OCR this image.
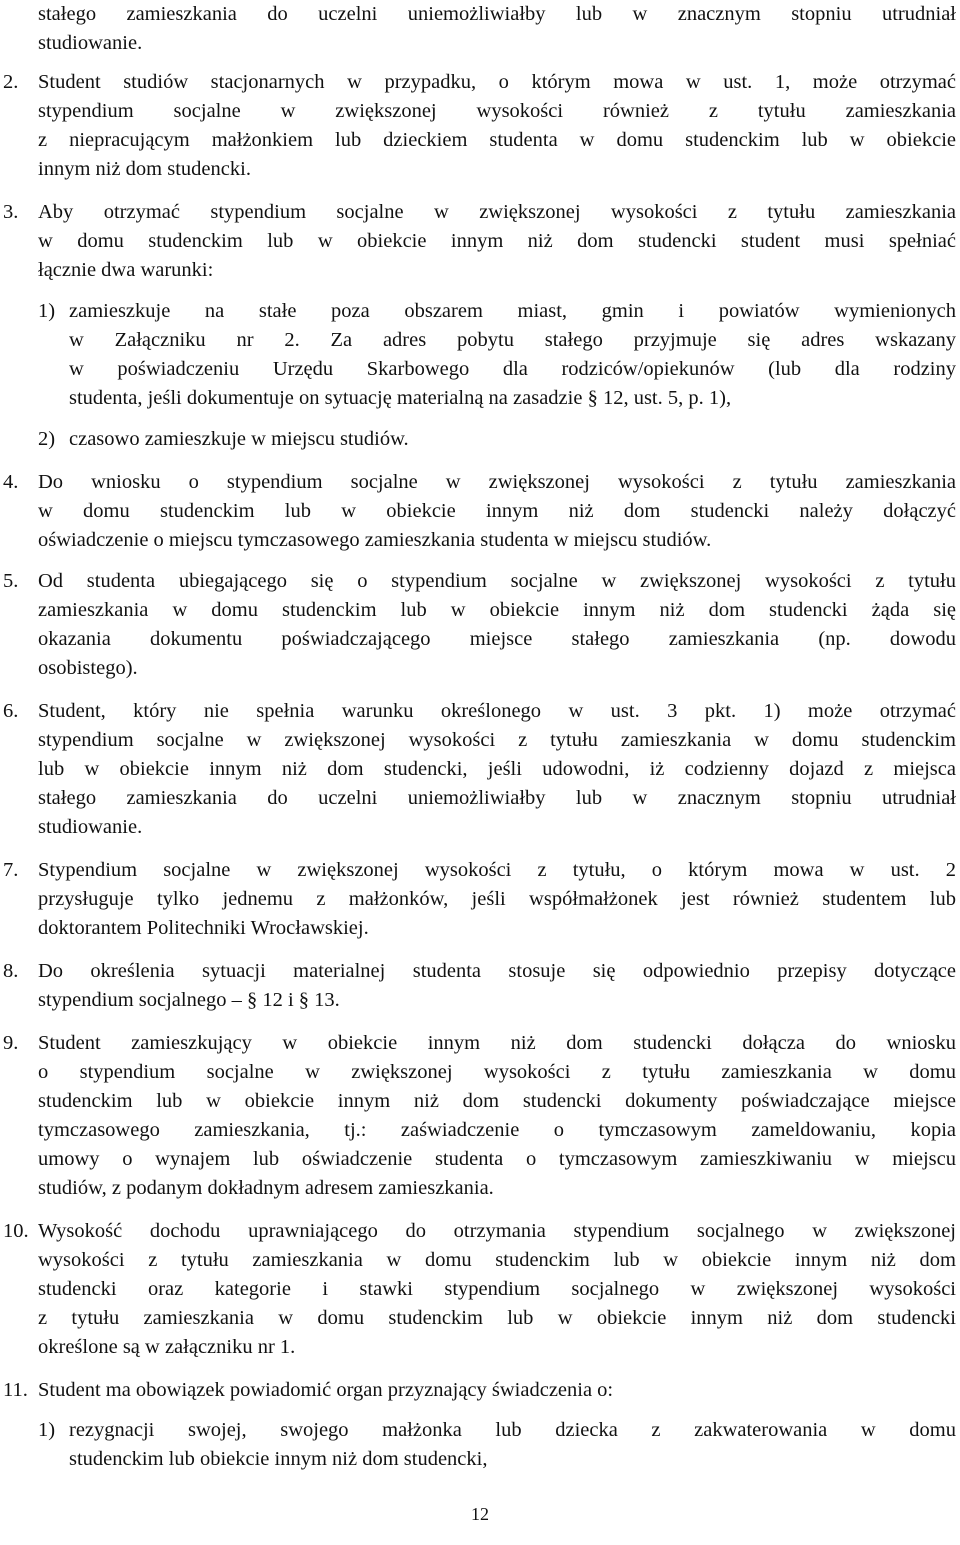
stałego zamieszkania do uczelni uniemożliwiałby lub w znacznym stopniu utrudniał
studiowanie.
2. Student studiów stacjonarnych w przypadku, o którym mowa w ust. 1, może otrzymać
stypendium socjalne w zwiększonej wysokości również z tytułu zamieszkania
z niepracującym małżonkiem lub dzieckiem studenta w domu studenckim lub w obiekcie
innym niż dom studencki.
3. Aby otrzymać stypendium socjalne w zwiększonej wysokości z tytułu zamieszkania
w domu studenckim lub w obiekcie innym niż dom studencki student musi spełniać
łącznie dwa warunki:
1) zamieszkuje na stałe poza obszarem miast, gmin i powiatów wymienionych
w Załączniku nr 2. Za adres pobytu stałego przyjmuje się adres wskazany
w poświadczeniu Urzędu Skarbowego dla rodziców/opiekunów (lub dla rodziny
studenta, jeśli dokumentuje on sytuację materialną na zasadzie § 12, ust. 5, p. 1),
2) czasowo zamieszkuje w miejscu studiów.
4. Do wniosku o stypendium socjalne w zwiększonej wysokości z tytułu zamieszkania
w domu studenckim lub w obiekcie innym niż dom studencki należy dołączyć
oświadczenie o miejscu tymczasowego zamieszkania studenta w miejscu studiów.
5. Od studenta ubiegającego się o stypendium socjalne w zwiększonej wysokości z tytułu
zamieszkania w domu studenckim lub w obiekcie innym niż dom studencki żąda się
okazania dokumentu poświadczającego miejsce stałego zamieszkania (np. dowodu
osobistego).
6. Student, który nie spełnia warunku określonego w ust. 3 pkt. 1) może otrzymać
stypendium socjalne w zwiększonej wysokości z tytułu zamieszkania w domu studenckim
lub w obiekcie innym niż dom studencki, jeśli udowodni, iż codzienny dojazd z miejsca
stałego zamieszkania do uczelni uniemożliwiałby lub w znacznym stopniu utrudniał
studiowanie.
7. Stypendium socjalne w zwiększonej wysokości z tytułu, o którym mowa w ust. 2
przysługuje tylko jednemu z małżonków, jeśli współmałżonek jest również studentem lub
doktorantem Politechniki Wrocławskiej.
8. Do określenia sytuacji materialnej studenta stosuje się odpowiednio przepisy dotyczące
stypendium socjalnego – § 12 i § 13.
9. Student zamieszkujący w obiekcie innym niż dom studencki dołącza do wniosku
o stypendium socjalne w zwiększonej wysokości z tytułu zamieszkania w domu
studenckim lub w obiekcie innym niż dom studencki dokumenty poświadczające miejsce
tymczasowego zamieszkania, tj.: zaświadczenie o tymczasowym zameldowaniu, kopia
umowy o wynajem lub oświadczenie studenta o tymczasowym zamieszkiwaniu w miejscu
studiów, z podanym dokładnym adresem zamieszkania.
10. Wysokość dochodu uprawniającego do otrzymania stypendium socjalnego w zwiększonej
wysokości z tytułu zamieszkania w domu studenckim lub w obiekcie innym niż dom
studencki oraz kategorie i stawki stypendium socjalnego w zwiększonej wysokości
z tytułu zamieszkania w domu studenckim lub w obiekcie innym niż dom studencki
określone są w załączniku nr 1.
11. Student ma obowiązek powiadomić organ przyznający świadczenia o:
1) rezygnacji swojej, swojego małżonka lub dziecka z zakwaterowania w domu
studenckim lub obiekcie innym niż dom studencki,
12
